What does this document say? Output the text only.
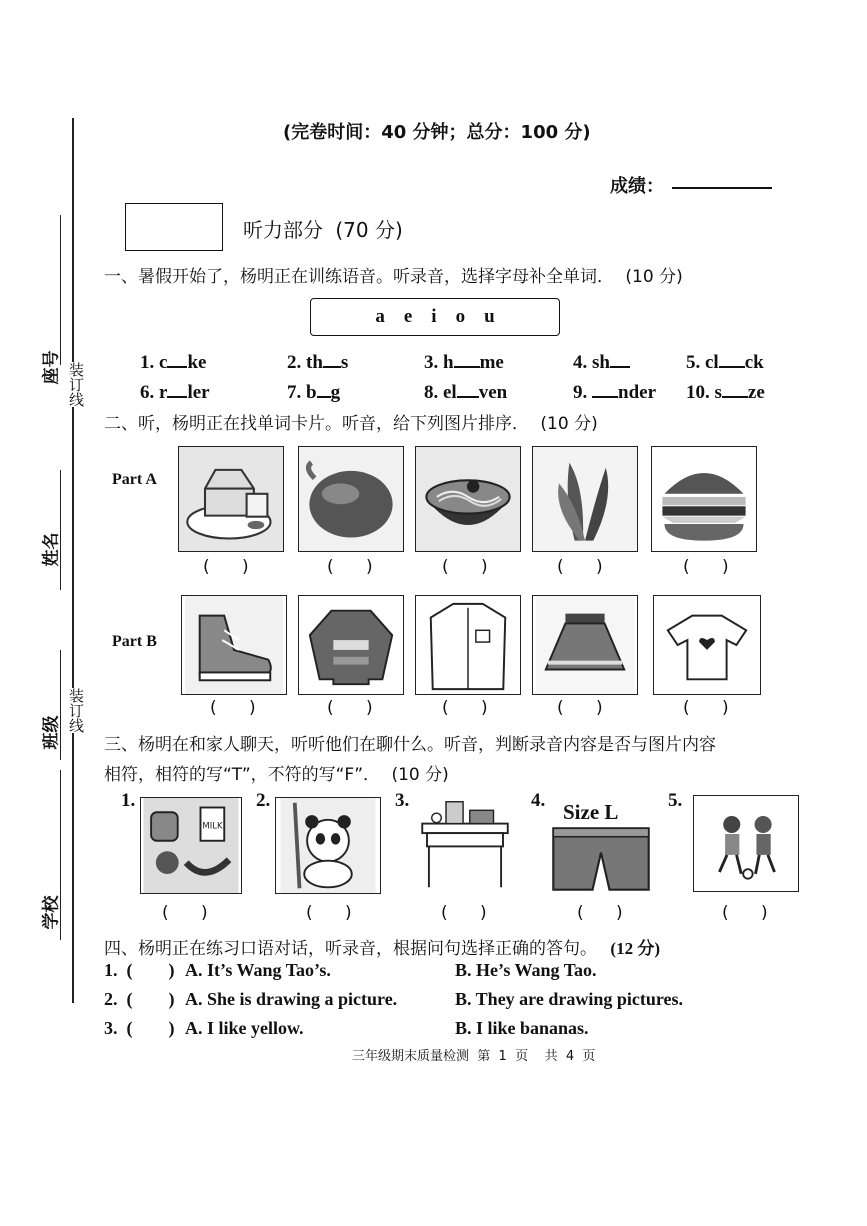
座号
姓名
班级
学校
装订线
装订线
(完卷时间：40 分钟；总分：100 分)
成绩：
听力部分 (70 分)
一、暑假开始了，杨明正在训练语音。听录音，选择字母补全单词． (10 分)
a    e    i    o    u
1. c ke	2. th s	3. h me	4. sh	5. cl ck
6. r ler	7. b g	8. el ven	9. nder 10. s ze
二、听，杨明正在找单词卡片。听音，给下列图片排序． (10 分)
Part A
Part B
(      )	(      )	(      )	(      )	(      )
(      )	(      )	(      )	(      )	(      )
三、杨明在和家人聊天，听听他们在聊什么。听音，判断录音内容是否与图片内容
相符，相符的写“T”，不符的写“F”． (10 分)
1.	2.	3.	4.	5.
MILK
Size L
(      )	(      )	(      )	(      )	(      )
四、杨明正在练习口语对话，听录音，根据问句选择正确的答句。 (12 分)
1.  (        ) A. It’s Wang Tao’s.	B. He’s Wang Tao.
2.  (        ) A. She is drawing a picture.	B. They are drawing pictures.
3.  (        ) A. I like yellow.	B. I like bananas.
三年级期末质量检测  第  1  页    共  4  页
